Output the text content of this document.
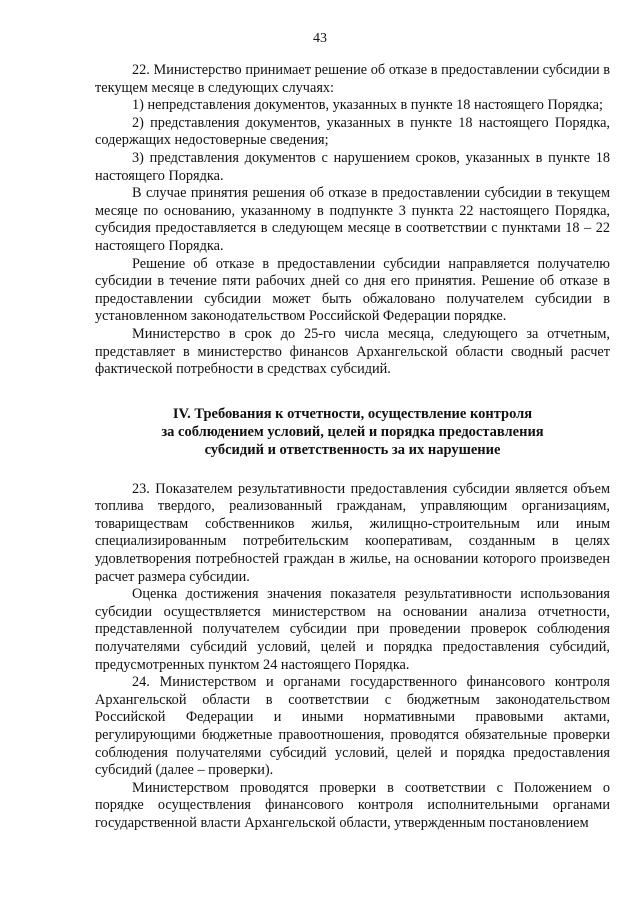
43

22. Министерство принимает решение об отказе в предоставлении субсидии в текущем месяце в следующих случаях:

1) непредставления документов, указанных в пункте 18 настоящего Порядка;

2) представления документов, указанных в пункте 18 настоящего Порядка, содержащих недостоверные сведения;

3) представления документов с нарушением сроков, указанных в пункте 18 настоящего Порядка.

В случае принятия решения об отказе в предоставлении субсидии в текущем месяце по основанию, указанному в подпункте 3 пункта 22 настоящего Порядка, субсидия предоставляется в следующем месяце в соответствии с пунктами 18 – 22 настоящего Порядка.

Решение об отказе в предоставлении субсидии направляется получателю субсидии в течение пяти рабочих дней со дня его принятия. Решение об отказе в предоставлении субсидии может быть обжаловано получателем субсидии в установленном законодательством Российской Федерации порядке.

Министерство в срок до 25-го числа месяца, следующего за отчетным, представляет в министерство финансов Архангельской области сводный расчет фактической потребности в средствах субсидий.

IV. Требования к отчетности, осуществление контроля
за соблюдением условий, целей и порядка предоставления
субсидий и ответственность за их нарушение

23. Показателем результативности предоставления субсидии является объем топлива твердого, реализованный гражданам, управляющим организациям, товариществам собственников жилья, жилищно-строительным или иным специализированным потребительским кооперативам, созданным в целях удовлетворения потребностей граждан в жилье, на основании которого произведен расчет размера субсидии.

Оценка достижения значения показателя результативности использования субсидии осуществляется министерством на основании анализа отчетности, представленной получателем субсидии при проведении проверок соблюдения получателями субсидий условий, целей и порядка предоставления субсидий, предусмотренных пунктом 24 настоящего Порядка.

24. Министерством и органами государственного финансового контроля Архангельской области в соответствии с бюджетным законодательством Российской Федерации и иными нормативными правовыми актами, регулирующими бюджетные правоотношения, проводятся обязательные проверки соблюдения получателями субсидий условий, целей и порядка предоставления субсидий (далее – проверки).

Министерством проводятся проверки в соответствии с Положением о порядке осуществления финансового контроля исполнительными органами государственной власти Архангельской области, утвержденным постановлением
